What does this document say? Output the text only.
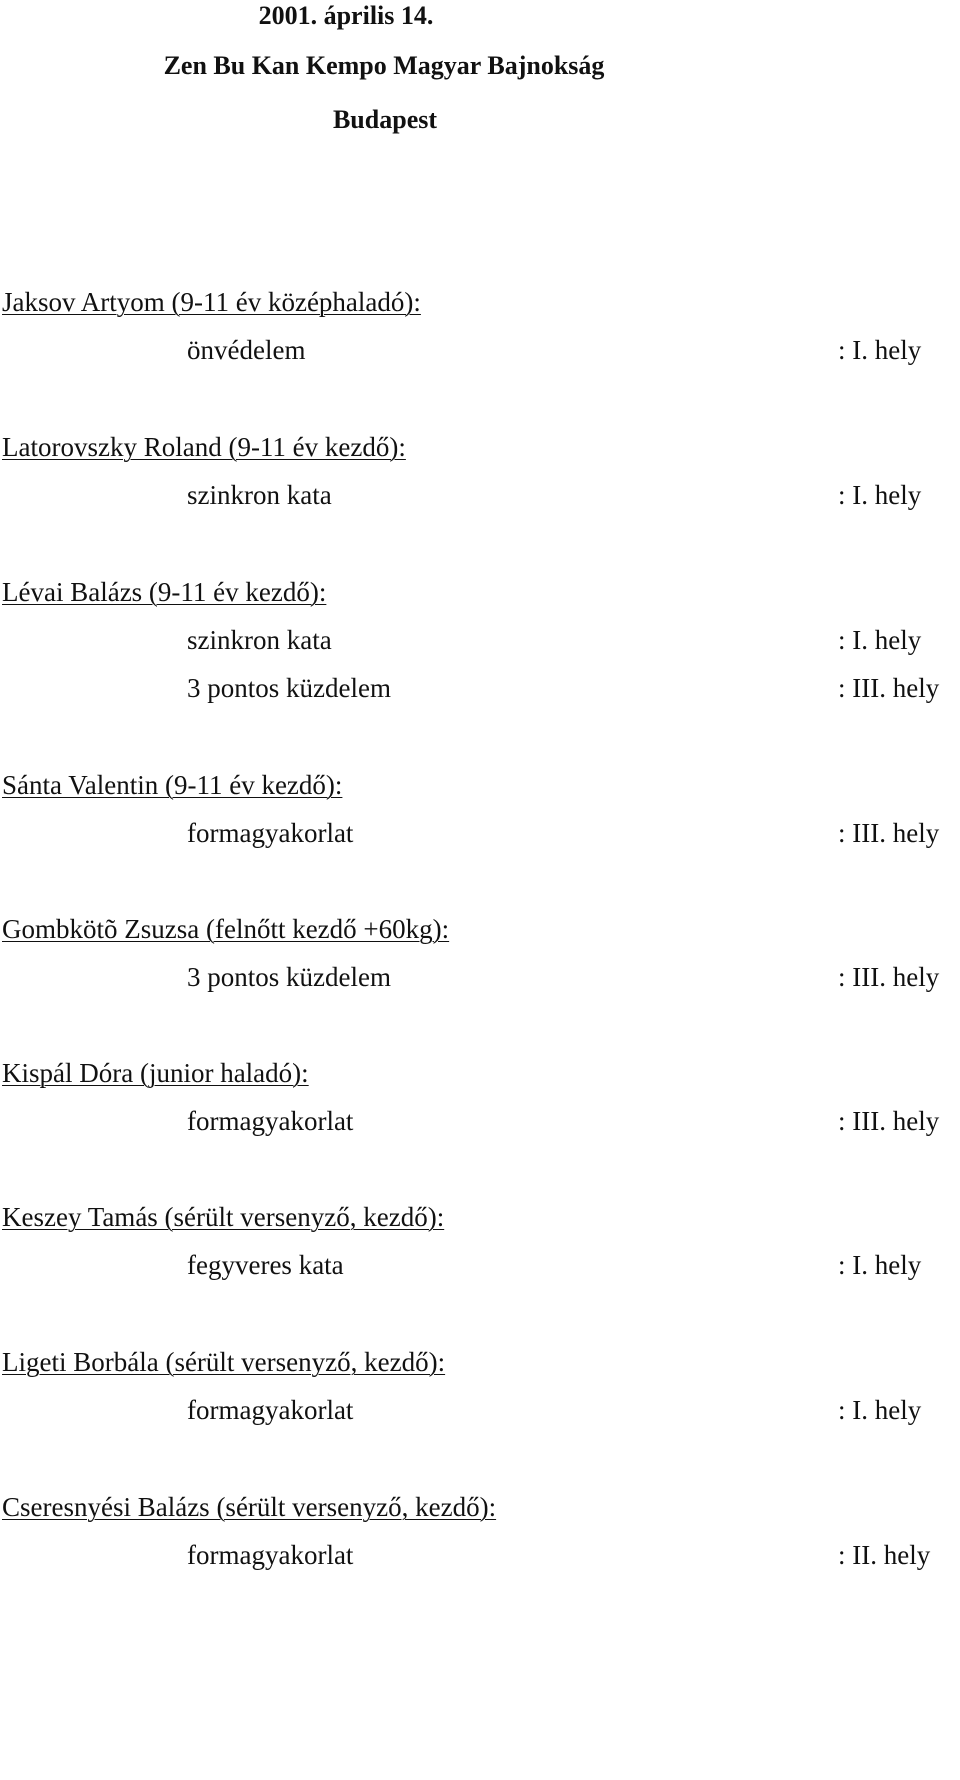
2001. április 14.
Zen Bu Kan Kempo Magyar Bajnokság
Budapest
Jaksov Artyom (9-11 év középhaladó):
önvédelem	: I. hely
Latorovszky Roland (9-11 év kezdő):
szinkron kata	: I. hely
Lévai Balázs (9-11 év kezdő):
szinkron kata	: I. hely
3 pontos küzdelem	: III. hely
Sánta Valentin (9-11 év kezdő):
formagyakorlat	: III. hely
Gombkötõ Zsuzsa (felnőtt kezdő +60kg):
3 pontos küzdelem	: III. hely
Kispál Dóra (junior haladó):
formagyakorlat	: III. hely
Keszey Tamás (sérült versenyző, kezdő):
fegyveres kata	: I. hely
Ligeti Borbála (sérült versenyző, kezdő):
formagyakorlat	: I. hely
Cseresnyési Balázs (sérült versenyző, kezdő):
formagyakorlat	: II. hely
